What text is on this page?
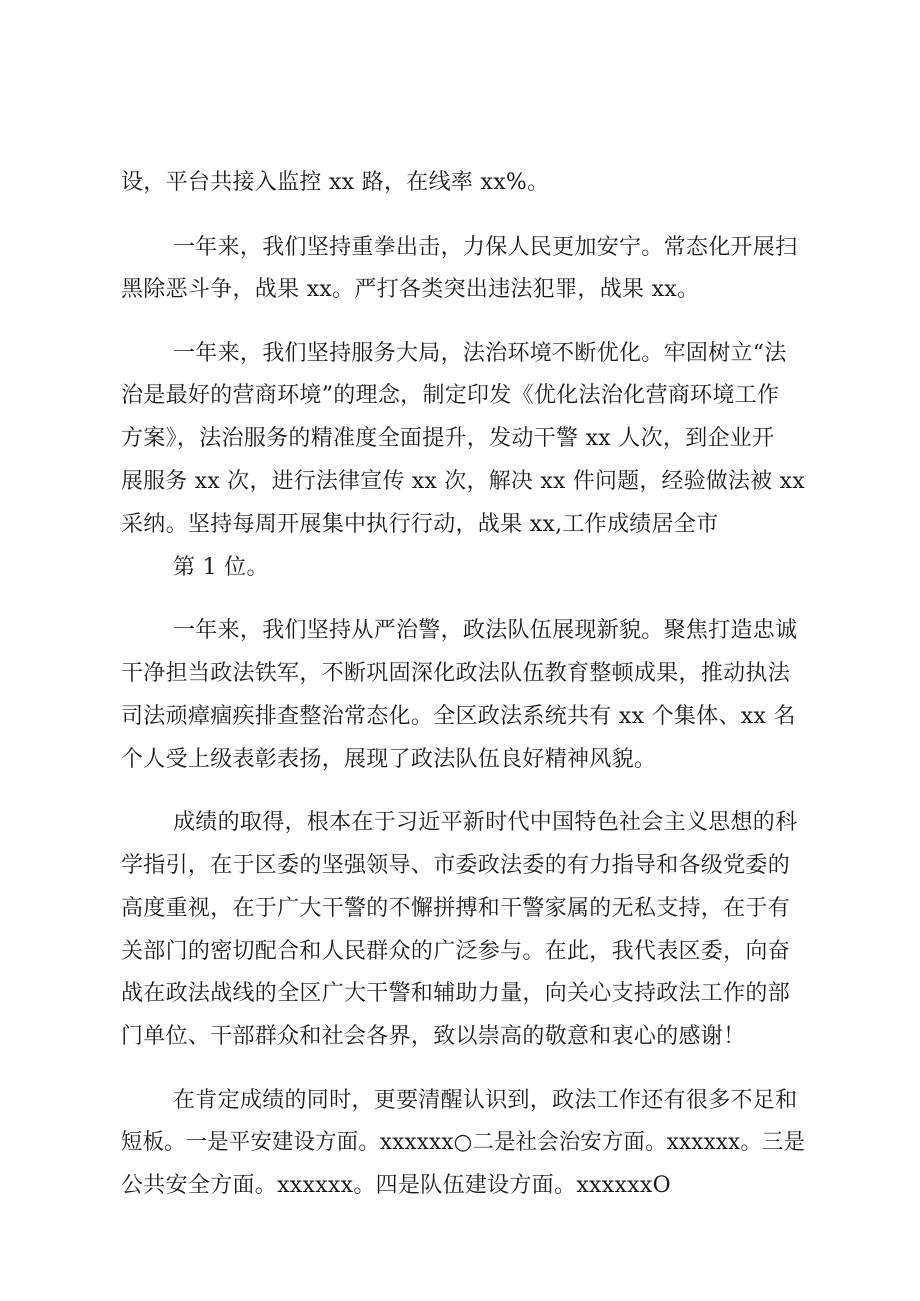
设，平台共接入监控 xx 路，在线率 xx%。
一年来，我们坚持重拳出击，力保人民更加安宁。常态化开展扫
黑除恶斗争，战果 xx。严打各类突出违法犯罪，战果 xx。
一年来，我们坚持服务大局，法治环境不断优化。牢固树立“法
治是最好的营商环境”的理念，制定印发《优化法治化营商环境工作
方案》，法治服务的精准度全面提升，发动干警 xx 人次，到企业开
展服务 xx 次，进行法律宣传 xx 次，解决 xx 件问题，经验做法被 xx
采纳。坚持每周开展集中执行行动，战果 xx,工作成绩居全市
第 1 位。
一年来，我们坚持从严治警，政法队伍展现新貌。聚焦打造忠诚
干净担当政法铁军，不断巩固深化政法队伍教育整顿成果，推动执法
司法顽瘴痼疾排查整治常态化。全区政法系统共有 xx 个集体、xx 名
个人受上级表彰表扬，展现了政法队伍良好精神风貌。
成绩的取得，根本在于习近平新时代中国特色社会主义思想的科
学指引，在于区委的坚强领导、市委政法委的有力指导和各级党委的
高度重视，在于广大干警的不懈拼搏和干警家属的无私支持，在于有
关部门的密切配合和人民群众的广泛参与。在此，我代表区委，向奋
战在政法战线的全区广大干警和辅助力量，向关心支持政法工作的部
门单位、干部群众和社会各界，致以崇高的敬意和衷心的感谢！
在肯定成绩的同时，更要清醒认识到，政法工作还有很多不足和
短板。一是平安建设方面。xxxxxx○二是社会治安方面。xxxxxx。三是
公共安全方面。xxxxxx。四是队伍建设方面。xxxxxxO
